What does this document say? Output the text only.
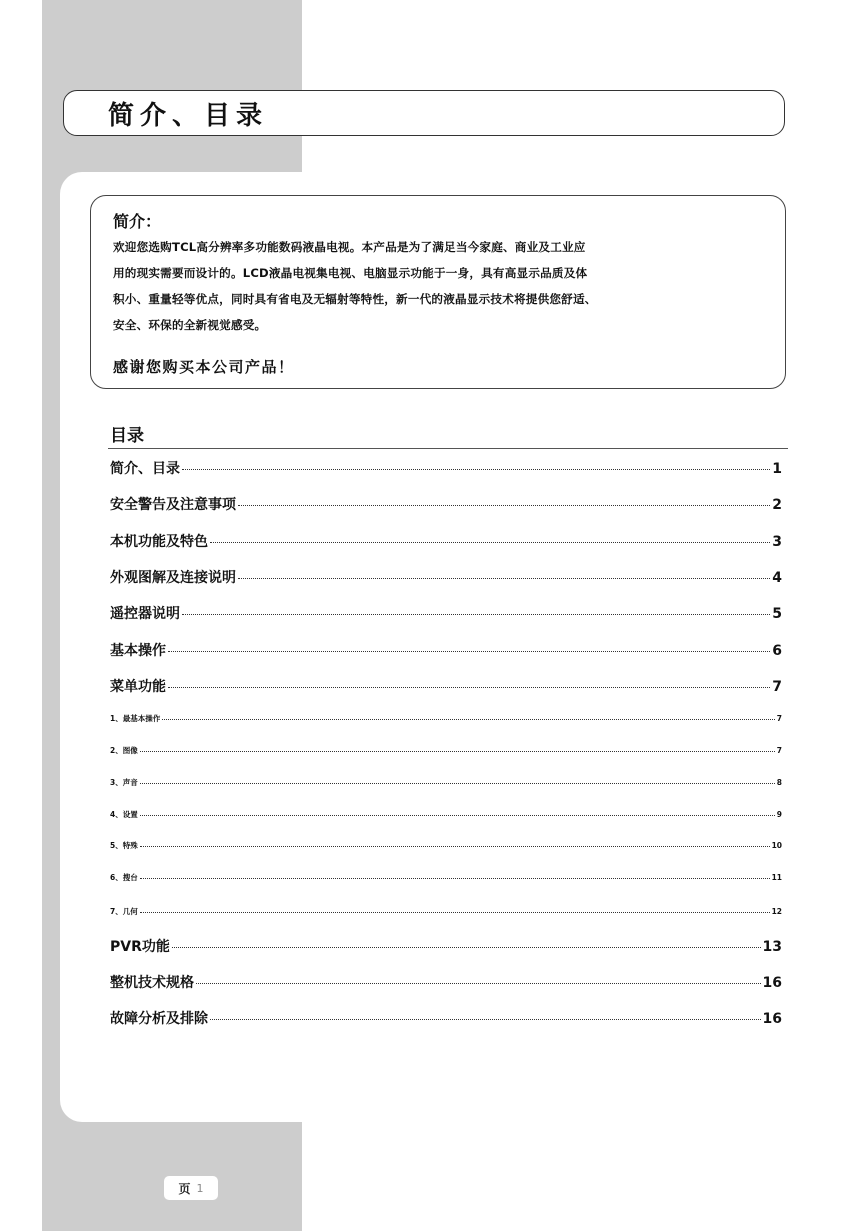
简介、目录
简介：
欢迎您选购TCL高分辨率多功能数码液晶电视。本产品是为了满足当今家庭、商业及工业应
用的现实需要而设计的。LCD液晶电视集电视、电脑显示功能于一身，具有高显示品质及体
积小、重量轻等优点，同时具有省电及无辐射等特性，新一代的液晶显示技术将提供您舒适、
安全、环保的全新视觉感受。
感谢您购买本公司产品！
目录
简介、目录	1
安全警告及注意事项	2
本机功能及特色	3
外观图解及连接说明	4
遥控器说明	5
基本操作	6
菜单功能	7
1、最基本操作	7
2、图像	7
3、声音	8
4、设置	9
5、特殊	10
6、搜台	11
7、几何	12
PVR功能	13
整机技术规格	16
故障分析及排除	16
页 1
